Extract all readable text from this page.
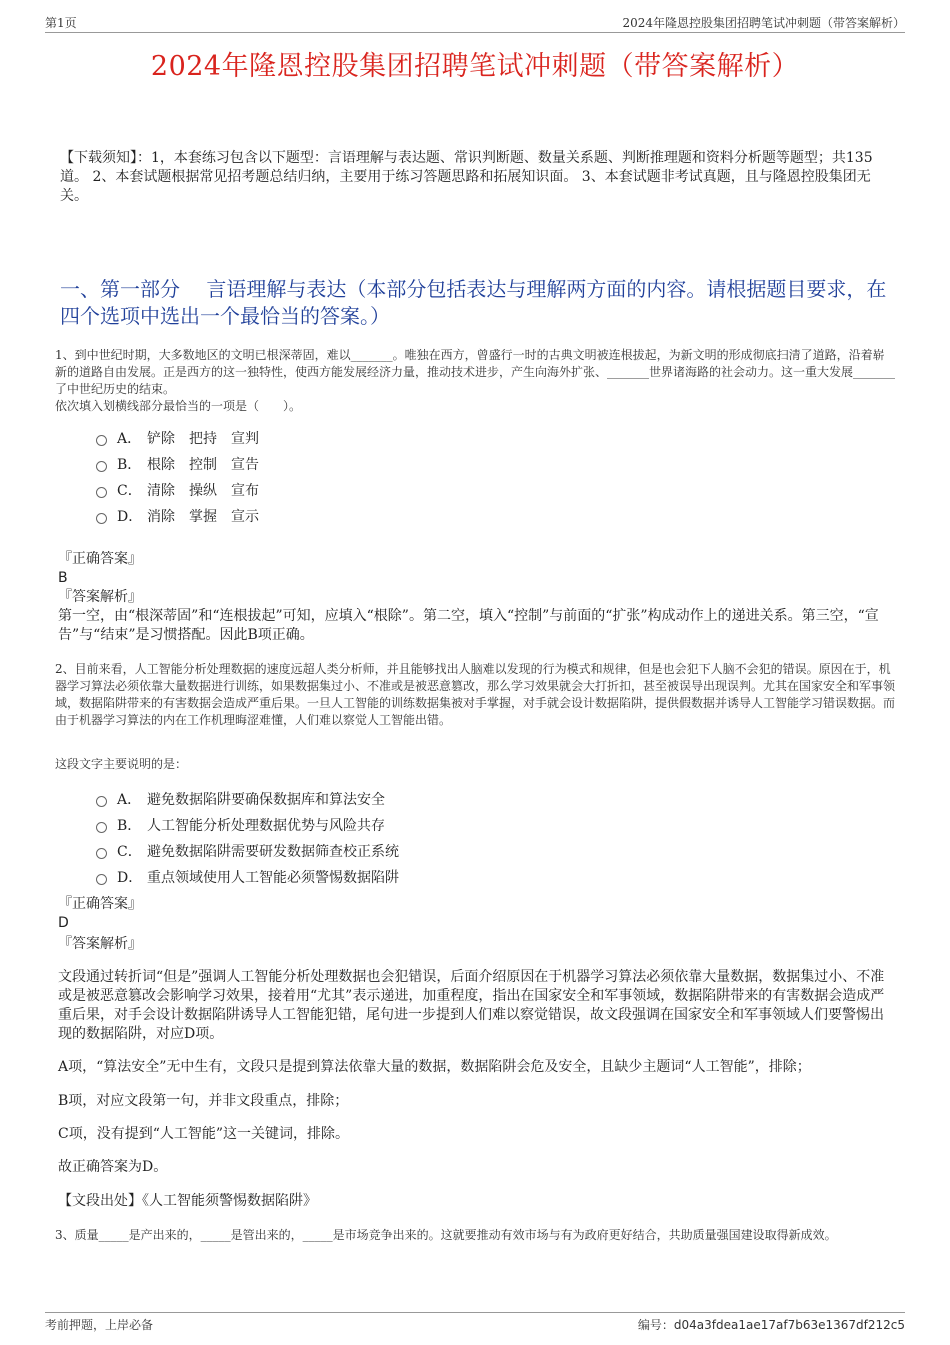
第1页	2024年隆恩控股集团招聘笔试冲刺题（带答案解析）
2024年隆恩控股集团招聘笔试冲刺题（带答案解析）
【下载须知】：1，本套练习包含以下题型：言语理解与表达题、常识判断题、数量关系题、判断推理题和资料分析题等题型；共135道。 2、本套试题根据常见招考题总结归纳，主要用于练习答题思路和拓展知识面。 3、本套试题非考试真题，且与隆恩控股集团无关。
一、第一部分　 言语理解与表达（本部分包括表达与理解两方面的内容。请根据题目要求，在四个选项中选出一个最恰当的答案。）

1、到中世纪时期，大多数地区的文明已根深蒂固，难以_______。唯独在西方，曾盛行一时的古典文明被连根拔起，为新文明的形成彻底扫清了道路，沿着崭新的道路自由发展。正是西方的这一独特性，使西方能发展经济力量，推动技术进步，产生向海外扩张、_______世界诸海路的社会动力。这一重大发展_______了中世纪历史的结束。

依次填入划横线部分最恰当的一项是（　　）。

A． 铲除　把持　宣判
B． 根除　控制　宣告
C． 清除　操纵　宣布
D． 消除　掌握　宣示
『正确答案』
B
『答案解析』
第一空，由“根深蒂固”和“连根拔起”可知，应填入“根除”。第二空，填入“控制”与前面的“扩张”构成动作上的递进关系。第三空，“宣告”与“结束”是习惯搭配。因此B项正确。

2、目前来看，人工智能分析处理数据的速度远超人类分析师，并且能够找出人脑难以发现的行为模式和规律，但是也会犯下人脑不会犯的错误。原因在于，机器学习算法必须依靠大量数据进行训练，如果数据集过小、不准或是被恶意篡改，那么学习效果就会大打折扣，甚至被误导出现误判。尤其在国家安全和军事领域，数据陷阱带来的有害数据会造成严重后果。一旦人工智能的训练数据集被对手掌握，对手就会设计数据陷阱，提供假数据并诱导人工智能学习错误数据。而由于机器学习算法的内在工作机理晦涩难懂，人们难以察觉人工智能出错。

这段文字主要说明的是：

A． 避免数据陷阱要确保数据库和算法安全
B． 人工智能分析处理数据优势与风险共存
C． 避免数据陷阱需要研发数据筛查校正系统
D． 重点领域使用人工智能必须警惕数据陷阱
『正确答案』
D
『答案解析』
文段通过转折词“但是”强调人工智能分析处理数据也会犯错误，后面介绍原因在于机器学习算法必须依靠大量数据，数据集过小、不准或是被恶意篡改会影响学习效果，接着用“尤其”表示递进，加重程度，指出在国家安全和军事领域，数据陷阱带来的有害数据会造成严重后果，对手会设计数据陷阱诱导人工智能犯错，尾句进一步提到人们难以察觉错误，故文段强调在国家安全和军事领域人们要警惕出现的数据陷阱，对应D项。
A项，“算法安全”无中生有，文段只是提到算法依靠大量的数据，数据陷阱会危及安全，且缺少主题词“人工智能”，排除；
B项，对应文段第一句，并非文段重点，排除；
C项，没有提到“人工智能”这一关键词，排除。
故正确答案为D。
【文段出处】《人工智能须警惕数据陷阱》

3、质量_____是产出来的，_____是管出来的，_____是市场竞争出来的。这就要推动有效市场与有为政府更好结合，共助质量强国建设取得新成效。

考前押题，上岸必备	编号：d04a3fdea1ae17af7b63e1367df212c5
